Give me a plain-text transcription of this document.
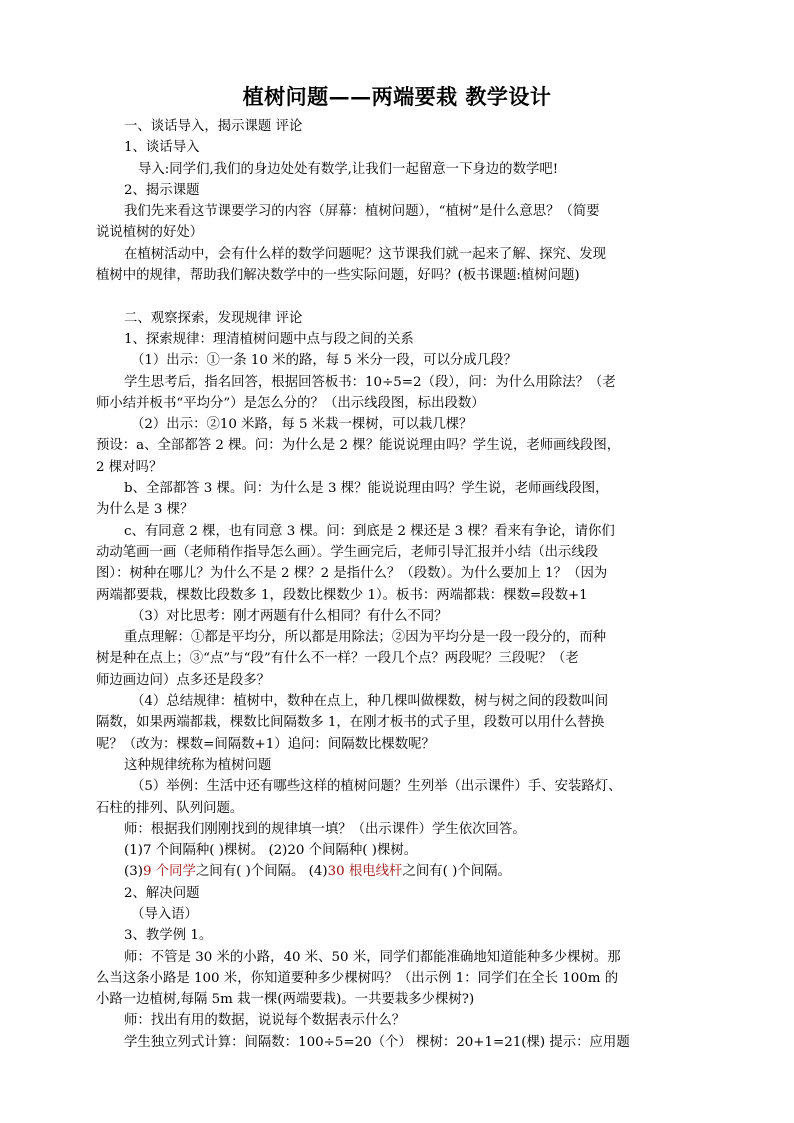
植树问题——两端要栽 教学设计

一、谈话导入，揭示课题 评论

1、谈话导入

导入:同学们,我们的身边处处有数学,让我们一起留意一下身边的数学吧!

2、揭示课题

我们先来看这节课要学习的内容（屏幕：植树问题），“植树”是什么意思？（简要

说说植树的好处）

在植树活动中，会有什么样的数学问题呢？这节课我们就一起来了解、探究、发现

植树中的规律，帮助我们解决数学中的一些实际问题，好吗？(板书课题:植树问题)

二、观察探索，发现规律 评论

1、探索规律：理清植树问题中点与段之间的关系

（1）出示：①一条 10 米的路，每 5 米分一段，可以分成几段？

学生思考后，指名回答，根据回答板书：10÷5=2（段），问：为什么用除法？（老

师小结并板书“平均分”）是怎么分的？（出示线段图，标出段数）

（2）出示：②10 米路，每 5 米栽一棵树，可以栽几棵？

预设：a、全部都答 2 棵。问：为什么是 2 棵？能说说理由吗？学生说，老师画线段图，

2 棵对吗？

b、全部都答 3 棵。问：为什么是 3 棵？能说说理由吗？学生说，老师画线段图，

为什么是 3 棵？

c、有同意 2 棵，也有同意 3 棵。问：到底是 2 棵还是 3 棵？看来有争论，请你们

动动笔画一画（老师稍作指导怎么画）。学生画完后，老师引导汇报并小结（出示线段

图）：树种在哪儿？为什么不是 2 棵？2 是指什么？（段数）。为什么要加上 1？（因为

两端都要栽，棵数比段数多 1，段数比棵数少 1）。板书：两端都栽：棵数=段数+1

（3）对比思考：刚才两题有什么相同？有什么不同？

重点理解：①都是平均分，所以都是用除法；②因为平均分是一段一段分的，而种

树是种在点上；③“点”与“段”有什么不一样？一段几个点？两段呢？三段呢？（老

师边画边问）点多还是段多？

（4）总结规律：植树中，数种在点上，种几棵叫做棵数，树与树之间的段数叫间

隔数，如果两端都栽，棵数比间隔数多 1，在刚才板书的式子里，段数可以用什么替换

呢？（改为：棵数=间隔数+1）追问：间隔数比棵数呢？

这种规律统称为植树问题

（5）举例：生活中还有哪些这样的植树问题？生列举（出示课件）手、安装路灯、

石柱的排列、队列问题。

师：根据我们刚刚找到的规律填一填？（出示课件）学生依次回答。

(1)7 个间隔种( )棵树。 (2)20 个间隔种( )棵树。

(3)9 个同学之间有( )个间隔。 (4)30 根电线杆之间有( )个间隔。

2、解决问题

（导入语）

3、教学例 1。

师：不管是 30 米的小路，40 米、50 米，同学们都能准确地知道能种多少棵树。那

么当这条小路是 100 米，你知道要种多少棵树吗？（出示例 1：同学们在全长 100m 的

小路一边植树,每隔 5m 栽一棵(两端要栽)。一共要栽多少棵树?)

师：找出有用的数据，说说每个数据表示什么？

学生独立列式计算：间隔数：100÷5=20（个） 棵树：20+1=21(棵) 提示：应用题
